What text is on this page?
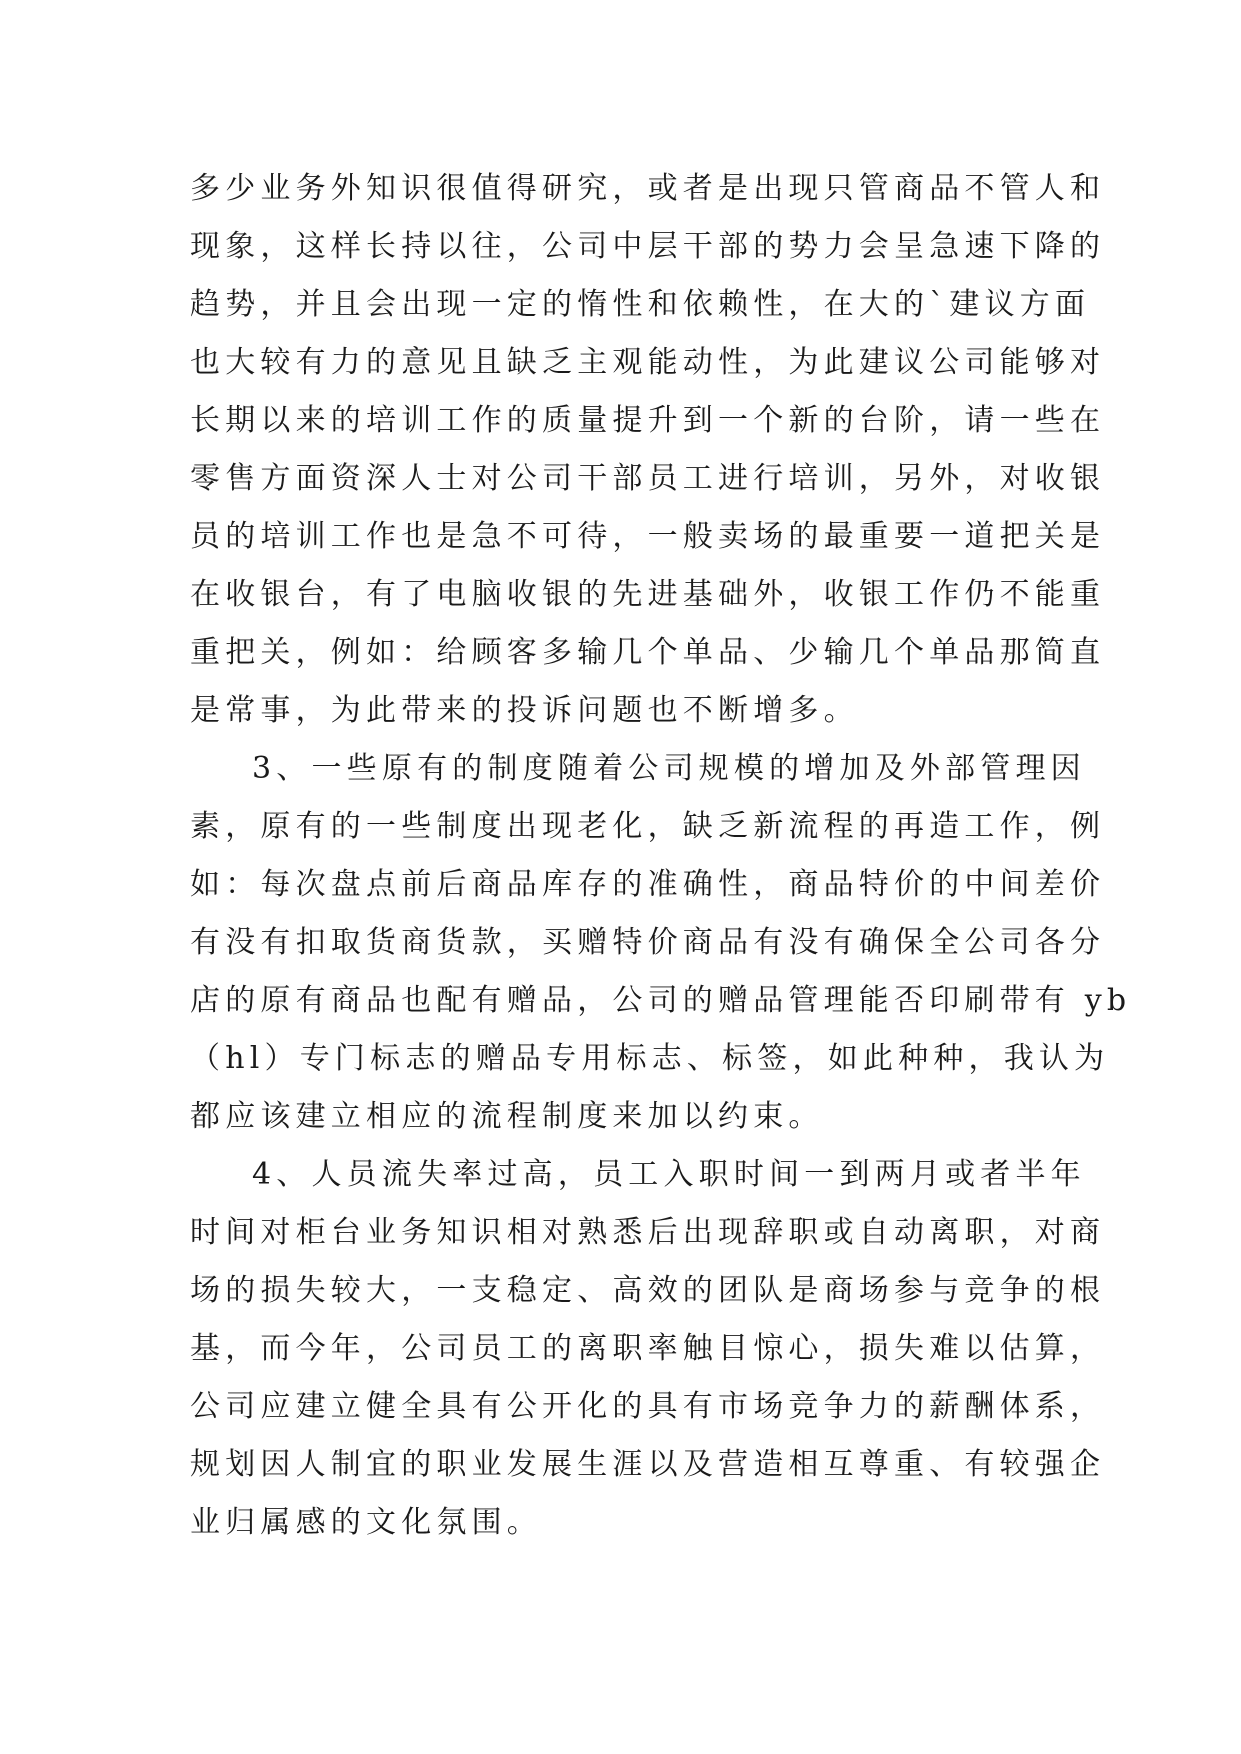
多少业务外知识很值得研究，或者是出现只管商品不管人和
现象，这样长持以往，公司中层干部的势力会呈急速下降的
趋势，并且会出现一定的惰性和依赖性，在大的`建议方面
也大较有力的意见且缺乏主观能动性，为此建议公司能够对
长期以来的培训工作的质量提升到一个新的台阶，请一些在
零售方面资深人士对公司干部员工进行培训，另外，对收银
员的培训工作也是急不可待，一般卖场的最重要一道把关是
在收银台，有了电脑收银的先进基础外，收银工作仍不能重
重把关，例如：给顾客多输几个单品、少输几个单品那简直
是常事，为此带来的投诉问题也不断增多。
3、一些原有的制度随着公司规模的增加及外部管理因
素，原有的一些制度出现老化，缺乏新流程的再造工作，例
如：每次盘点前后商品库存的准确性，商品特价的中间差价
有没有扣取货商货款，买赠特价商品有没有确保全公司各分
店的原有商品也配有赠品，公司的赠品管理能否印刷带有 yb
（hl）专门标志的赠品专用标志、标签，如此种种，我认为
都应该建立相应的流程制度来加以约束。
4、人员流失率过高，员工入职时间一到两月或者半年
时间对柜台业务知识相对熟悉后出现辞职或自动离职，对商
场的损失较大，一支稳定、高效的团队是商场参与竞争的根
基，而今年，公司员工的离职率触目惊心，损失难以估算，
公司应建立健全具有公开化的具有市场竞争力的薪酬体系，
规划因人制宜的职业发展生涯以及营造相互尊重、有较强企
业归属感的文化氛围。
